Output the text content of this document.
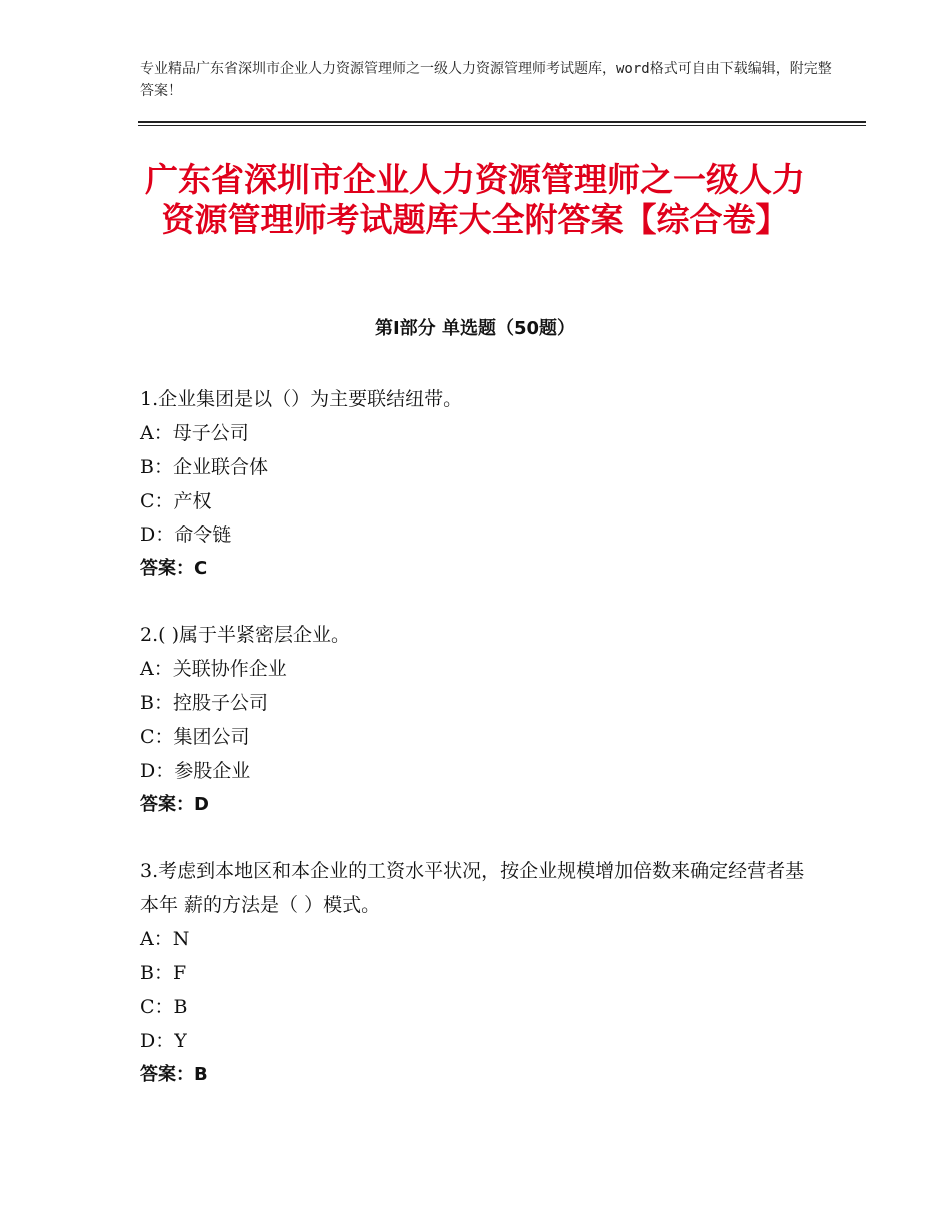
专业精品广东省深圳市企业人力资源管理师之一级人力资源管理师考试题库，word格式可自由下载编辑，附完整答案！
广东省深圳市企业人力资源管理师之一级人力资源管理师考试题库大全附答案【综合卷】
第Ⅰ部分 单选题（50题）

1.企业集团是以（）为主要联结纽带。

A：母子公司

B：企业联合体

C：产权

D：命令链

答案：C

2.( )属于半紧密层企业。

A：关联协作企业

B：控股子公司

C：集团公司

D：参股企业

答案：D

3.考虑到本地区和本企业的工资水平状况，按企业规模增加倍数来确定经营者基本年 薪的方法是（ ）模式。

A：N

B：F

C：B

D：Y

答案：B
